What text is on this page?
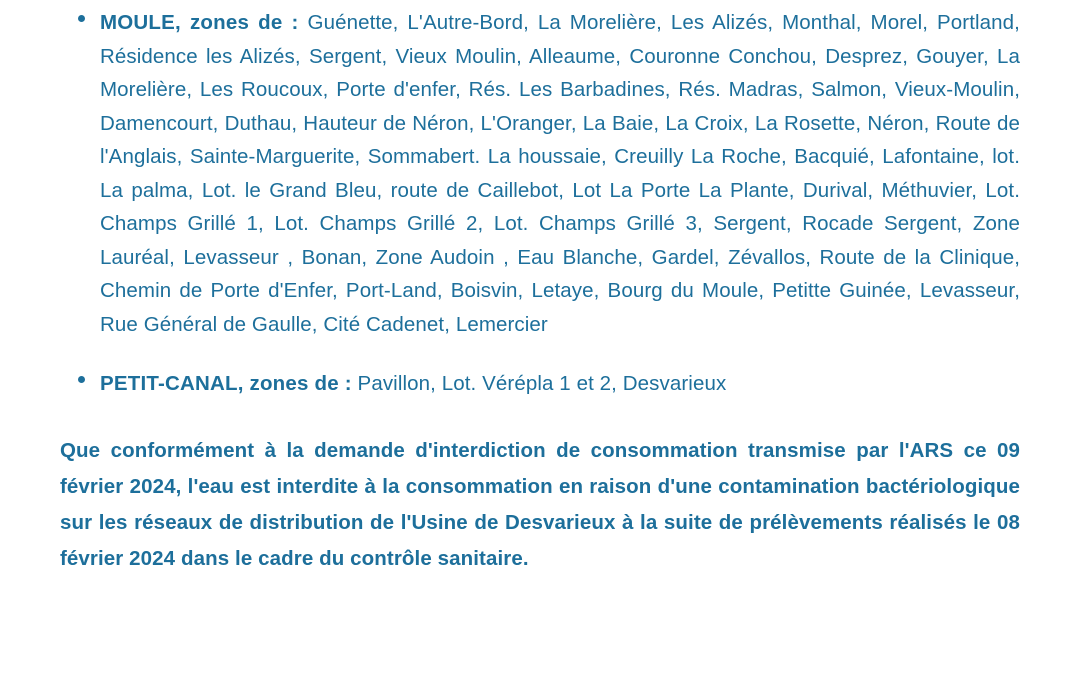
MOULE, zones de : Guénette, L'Autre-Bord, La Morelière, Les Alizés, Monthal, Morel, Portland, Résidence les Alizés, Sergent, Vieux Moulin, Alleaume, Couronne Conchou, Desprez, Gouyer, La Morelière, Les Roucoux, Porte d'enfer, Rés. Les Barbadines, Rés. Madras, Salmon, Vieux-Moulin, Damencourt, Duthau, Hauteur de Néron, L'Oranger, La Baie, La Croix, La Rosette, Néron, Route de l'Anglais, Sainte-Marguerite, Sommabert. La houssaie, Creuilly La Roche, Bacquié, Lafontaine, lot. La palma, Lot. le Grand Bleu, route de Caillebot, Lot La Porte La Plante, Durival, Méthuvier, Lot. Champs Grillé 1, Lot. Champs Grillé 2, Lot. Champs Grillé 3, Sergent, Rocade Sergent, Zone Lauréal, Levasseur , Bonan, Zone Audoin , Eau Blanche, Gardel, Zévallos, Route de la Clinique, Chemin de Porte d'Enfer, Port-Land, Boisvin, Letaye, Bourg du Moule, Petitte Guinée, Levasseur, Rue Général de Gaulle, Cité Cadenet, Lemercier
PETIT-CANAL, zones de : Pavillon, Lot. Vérépla 1 et 2, Desvarieux
Que conformément à la demande d'interdiction de consommation transmise par l'ARS ce 09 février 2024, l'eau est interdite à la consommation en raison d'une contamination bactériologique sur les réseaux de distribution de l'Usine de Desvarieux à la suite de prélèvements réalisés le 08 février 2024 dans le cadre du contrôle sanitaire.
